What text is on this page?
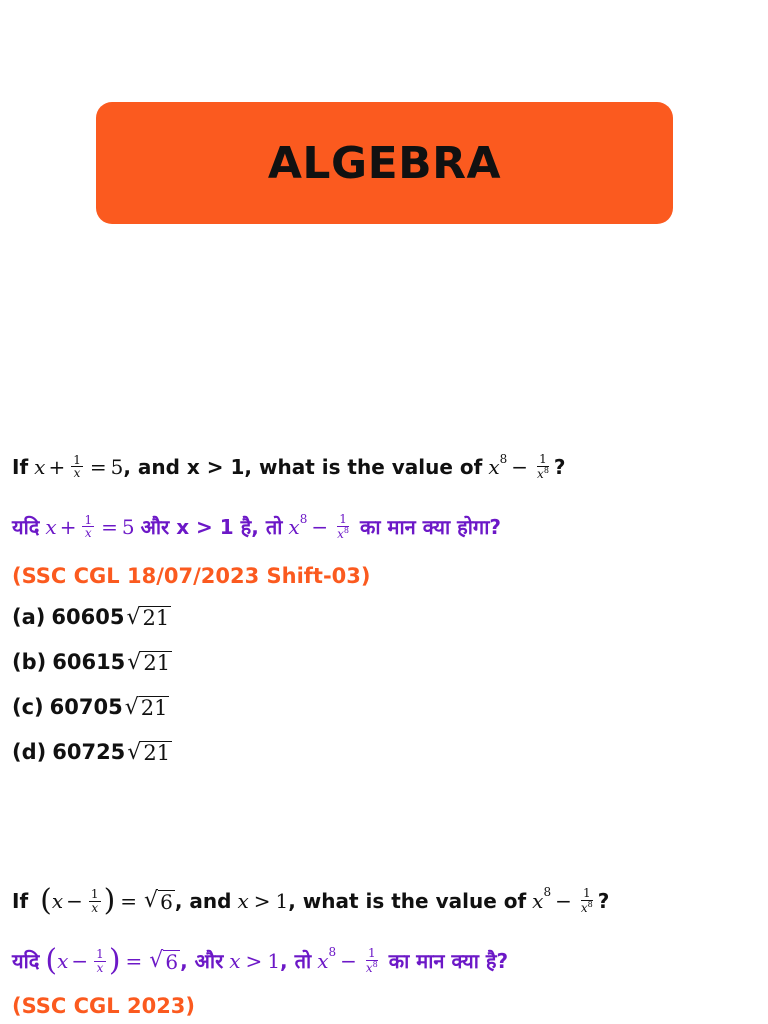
ALGEBRA
If $x + \frac{1}{x} = 5$ , and x > 1, what is the value of $x^8 - \frac{1}{x^8}$ ?
यदि $x + \frac{1}{x} = 5$ और x > 1 है, तो $x^8 - \frac{1}{x^8}$ का मान क्या होगा?
(SSC CGL 18/07/2023 Shift-03)
(a) 60605 √ 21
(b) 60615 √ 21
(c) 60705 √ 21
(d) 60725 √ 21
If ( $x - \frac{1}{x}$ ) = √ 6 , and x > 1 , what is the value of $x^8 - \frac{1}{x^8}$ ?
यदि ( $x - \frac{1}{x}$ ) = √ 6 , और x > 1 , तो $x^8 - \frac{1}{x^8}$ का मान क्या है?
(SSC CGL 2023)
